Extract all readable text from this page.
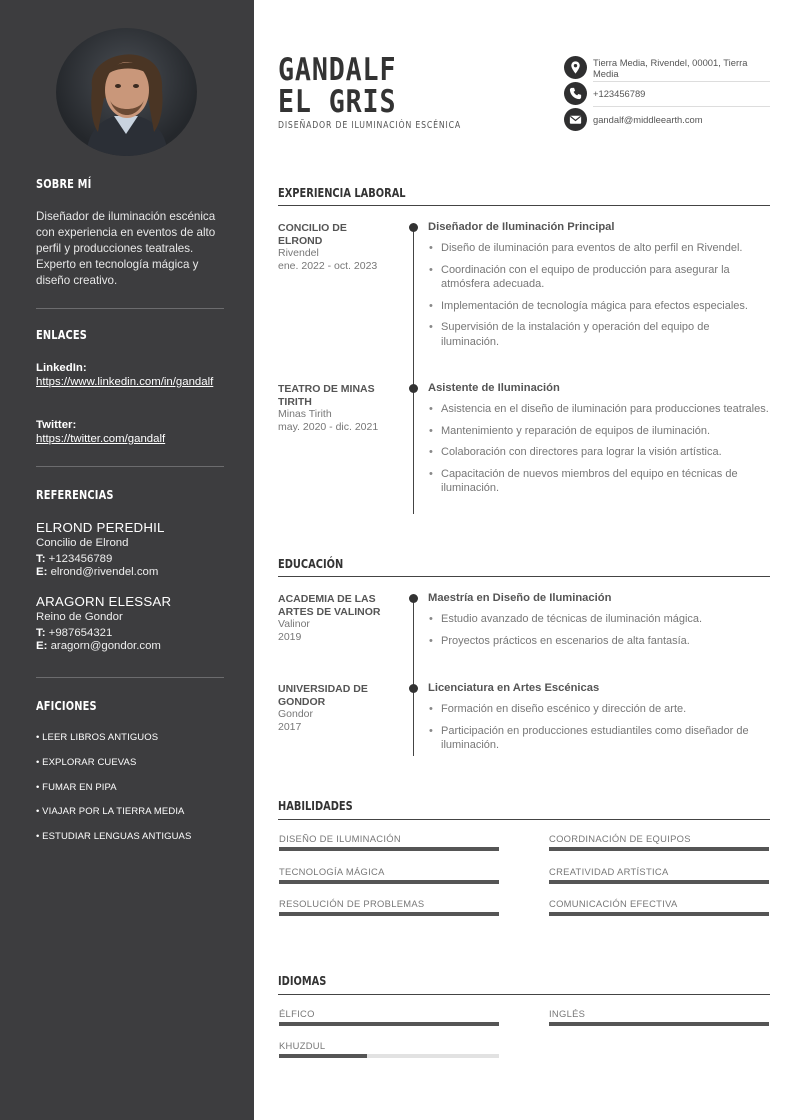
SOBRE MÍ
Diseñador de iluminación escénica con experiencia en eventos de alto perfil y producciones teatrales. Experto en tecnología mágica y diseño creativo.
ENLACES
LinkedIn:
https://www.linkedin.com/in/gandalf
Twitter:
https://twitter.com/gandalf
REFERENCIAS
ELROND PEREDHIL
Concilio de Elrond
T: +123456789
E: elrond@rivendel.com
ARAGORN ELESSAR
Reino de Gondor
T: +987654321
E: aragorn@gondor.com
AFICIONES
• LEER LIBROS ANTIGUOS
• EXPLORAR CUEVAS
• FUMAR EN PIPA
• VIAJAR POR LA TIERRA MEDIA
• ESTUDIAR LENGUAS ANTIGUAS
GANDALF
EL GRIS
DISEÑADOR DE ILUMINACIÓN ESCÉNICA
Tierra Media, Rivendel, 00001, Tierra Media
+123456789
gandalf@middleearth.com
EXPERIENCIA LABORAL
CONCILIO DE ELROND
Rivendel
ene. 2022 - oct. 2023
Diseñador de Iluminación Principal
• Diseño de iluminación para eventos de alto perfil en Rivendel.
• Coordinación con el equipo de producción para asegurar la atmósfera adecuada.
• Implementación de tecnología mágica para efectos especiales.
• Supervisión de la instalación y operación del equipo de iluminación.
TEATRO DE MINAS TIRITH
Minas Tirith
may. 2020 - dic. 2021
Asistente de Iluminación
• Asistencia en el diseño de iluminación para producciones teatrales.
• Mantenimiento y reparación de equipos de iluminación.
• Colaboración con directores para lograr la visión artística.
• Capacitación de nuevos miembros del equipo en técnicas de iluminación.
EDUCACIÓN
ACADEMIA DE LAS ARTES DE VALINOR
Valinor
2019
Maestría en Diseño de Iluminación
• Estudio avanzado de técnicas de iluminación mágica.
• Proyectos prácticos en escenarios de alta fantasía.
UNIVERSIDAD DE GONDOR
Gondor
2017
Licenciatura en Artes Escénicas
• Formación en diseño escénico y dirección de arte.
• Participación en producciones estudiantiles como diseñador de iluminación.
HABILIDADES
DISEÑO DE ILUMINACIÓN	COORDINACIÓN DE EQUIPOS
TECNOLOGÍA MÁGICA	CREATIVIDAD ARTÍSTICA
RESOLUCIÓN DE PROBLEMAS	COMUNICACIÓN EFECTIVA
IDIOMAS
ÉLFICO	INGLÉS
KHUZDUL
